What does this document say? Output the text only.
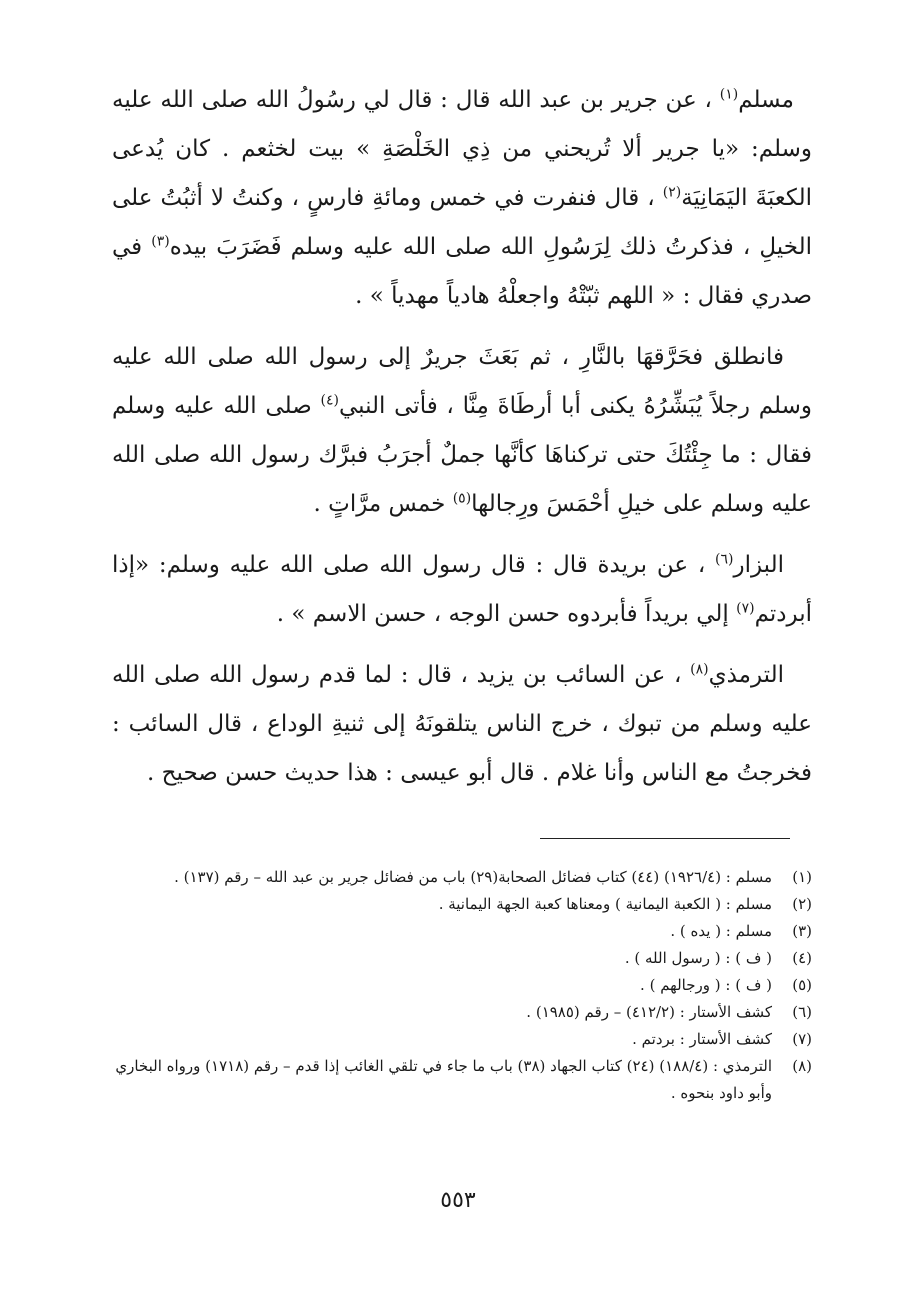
مسلم$^{(١)}$ ، عن جرير بن عبد الله قال : قال لي رسُولُ الله صلى الله عليه وسلم: «يا جرير ألا تُريحني من ذِي الخَلْصَةِ » بيت لخثعم . كان يُدعى الكعبَةَ اليَمَانِيَة$^{(٢)}$ ، قال فنفرت في خمس ومائةِ فارسٍ ، وكنتُ لا أثبُتُ على الخيلِ ، فذكرتُ ذلك لِرَسُولِ الله صلى الله عليه وسلم فَضَرَبَ بيده$^{(٣)}$ في صدري فقال : « اللهم ثبّتْهُ واجعلْهُ هادياً مهدياً » .

فانطلق فحَرَّقهَا بالنَّارِ ، ثم بَعَثَ جريرٌ إلى رسول الله صلى الله عليه وسلم رجلاً يُبَشِّرُهُ يكنى أبا أرطَاةَ مِنَّا ، فأتى النبي$^{(٤)}$ صلى الله عليه وسلم فقال : ما جِئْتُكَ حتى تركناهَا كأنَّها جملٌ أجرَبُ فبرَّك رسول الله صلى الله عليه وسلم على خيلِ أحْمَسَ ورِجالها$^{(٥)}$ خمس مرَّاتٍ .

البزار$^{(٦)}$ ، عن بريدة قال : قال رسول الله صلى الله عليه وسلم: «إذا أبردتم$^{(٧)}$ إلي بريداً فأبردوه حسن الوجه ، حسن الاسم » .

الترمذي$^{(٨)}$ ، عن السائب بن يزيد ، قال : لما قدم رسول الله صلى الله عليه وسلم من تبوك ، خرج الناس يتلقونَهُ إلى ثنيةِ الوداع ، قال السائب : فخرجتُ مع الناس وأنا غلام . قال أبو عيسى : هذا حديث حسن صحيح .

(١)
مسلم : (١٩٢٦/٤) (٤٤) كتاب فضائل الصحابة(٢٩) باب من فضائل جرير بن عبد الله – رقم (١٣٧) .
(٢)
مسلم : ( الكعبة اليمانية ) ومعناها كعبة الجهة اليمانية .
(٣)
مسلم : ( يده ) .
(٤)
( ف ) : ( رسول الله ) .
(٥)
( ف ) : ( ورجالهم ) .
(٦)
كشف الأستار : (٤١٢/٢) – رقم (١٩٨٥) .
(٧)
كشف الأستار : بردتم .
(٨)
الترمذي : (١٨٨/٤) (٢٤) كتاب الجهاد (٣٨) باب ما جاء في تلقي الغائب إذا قدم – رقم (١٧١٨) ورواه البخاري وأبو داود بنحوه .
٥٥٣
